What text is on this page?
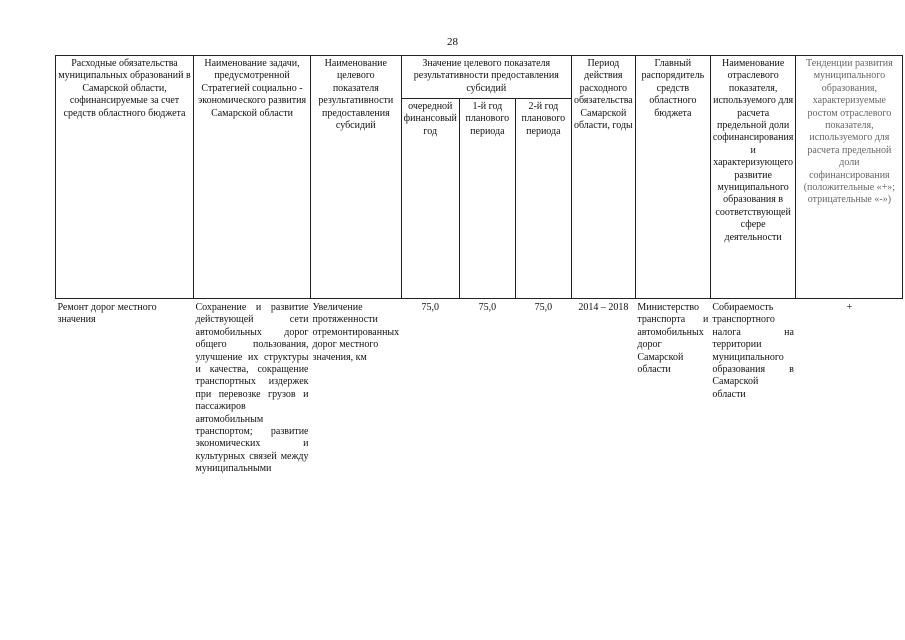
28
Расходные обязательства муниципальных образований в Самарской области, софинансируемые за счет средств областного бюджета	Наименование задачи, предусмотренной Стратегией социально - экономического развития Самарской области	Наименование целевого показателя результативности предоставления субсидий	Значение целевого показателя результативности предоставления субсидий			Период действия расходного обязательства Самарской области, годы	Главный распорядитель средств областного бюджета	Наименование отраслевого показателя, используемого для расчета предельной доли софинансирования и характеризующего развитие муниципального образования в соответствующей сфере деятельности	Тенденции развития муниципального образования, характеризуемые ростом отраслевого показателя, используемого для расчета предельной доли софинансирования (положительные «+»; отрицательные «-»)
			очередной финансовый год	1-й год планового периода	2-й год планового периода				
Ремонт дорог местного значения	Сохранение и развитие действующей сети автомобильных дорог общего пользования, улучшение их структуры и качества, сокращение транспортных издержек при перевозке грузов и пассажиров автомобильным транспортом; развитие экономических и культурных связей между муниципальными	Увеличение протяженности отремонтированных дорог местного значения, км	75,0	75,0	75,0	2014 – 2018	Министерство транспорта и автомобильных дорог Самарской области	Собираемость транспортного налога на территории муниципального образования в Самарской области	+
